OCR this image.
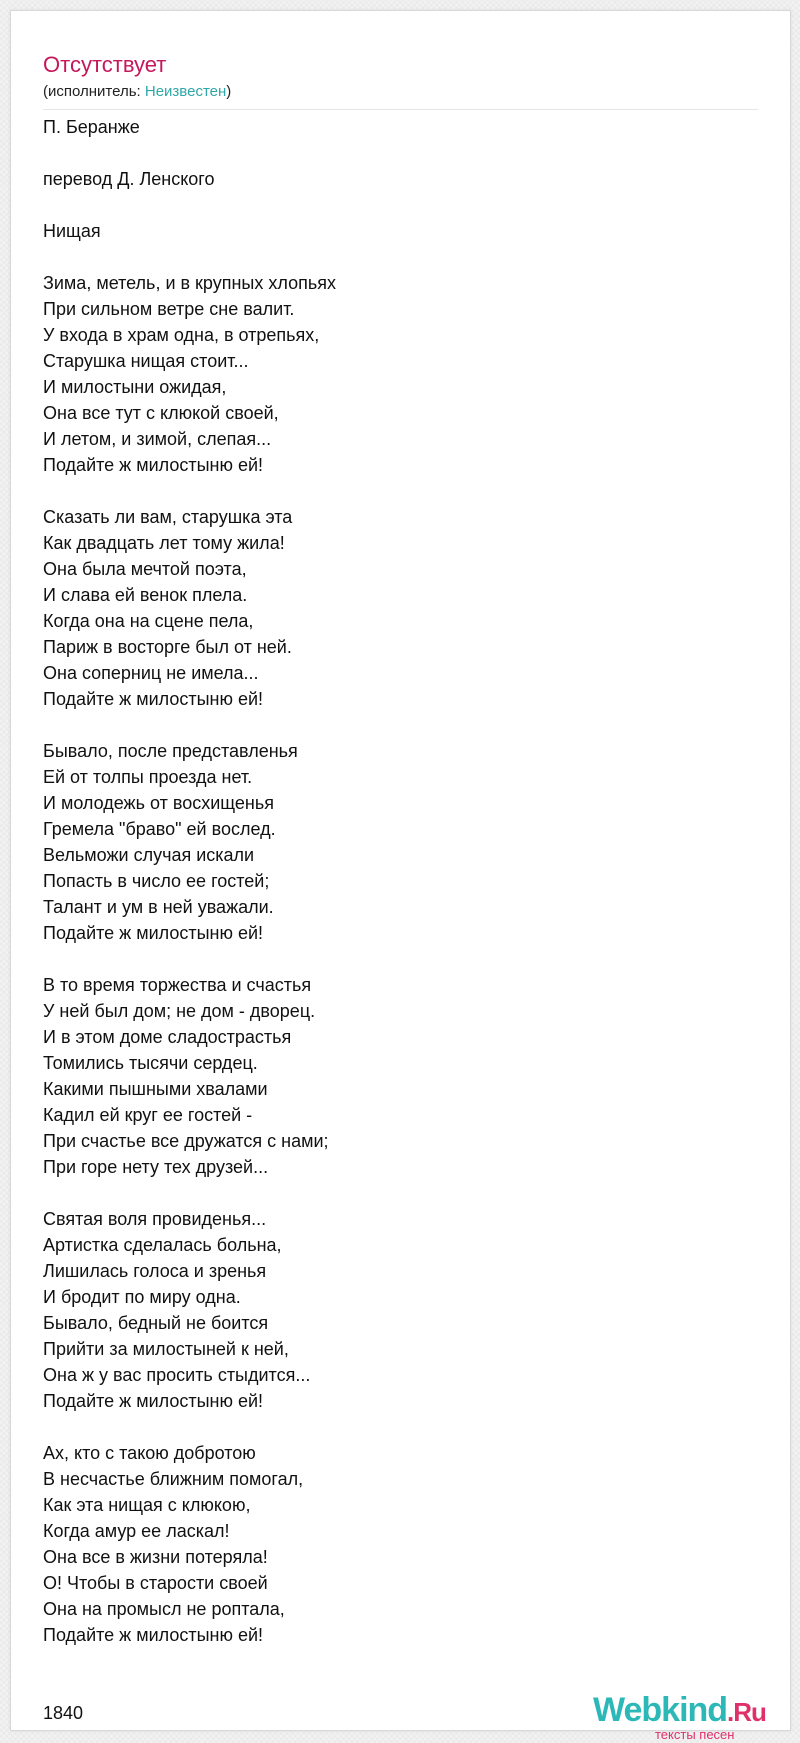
Отсутствует
(исполнитель: Неизвестен)
П. Беранже
перевод Д. Ленского
Нищая
Зима, метель, и в крупных хлопьях
При сильном ветре сне валит.
У входа в храм одна, в отрепьях,
Старушка нищая стоит...
И милостыни ожидая,
Она все тут с клюкой своей,
И летом, и зимой, слепая...
Подайте ж милостыню ей!
Сказать ли вам, старушка эта
Как двадцать лет тому жила!
Она была мечтой поэта,
И слава ей венок плела.
Когда она на сцене пела,
Париж в восторге был от ней.
Она соперниц не имела...
Подайте ж милостыню ей!
Бывало, после представленья
Ей от толпы проезда нет.
И молодежь от восхищенья
Гремела "браво" ей вослед.
Вельможи случая искали
Попасть в число ее гостей;
Талант и ум в ней уважали.
Подайте ж милостыню ей!
В то время торжества и счастья
У ней был дом; не дом - дворец.
И в этом доме сладострастья
Томились тысячи сердец.
Какими пышными хвалами
Кадил ей круг ее гостей -
При счастье все дружатся с нами;
При горе нету тех друзей...
Святая воля провиденья...
Артистка сделалась больна,
Лишилась голоса и зренья
И бродит по миру одна.
Бывало, бедный не боится
Прийти за милостыней к ней,
Она ж у вас просить стыдится...
Подайте ж милостыню ей!
Ах, кто с такою добротою
В несчастье ближним помогал,
Как эта нищая с клюкою,
Когда амур ее ласкал!
Она все в жизни потеряла!
О! Чтобы в старости своей
Она на промысл не роптала,
Подайте ж милостыню ей!
1840	Webkind.Ru
тексты песен
